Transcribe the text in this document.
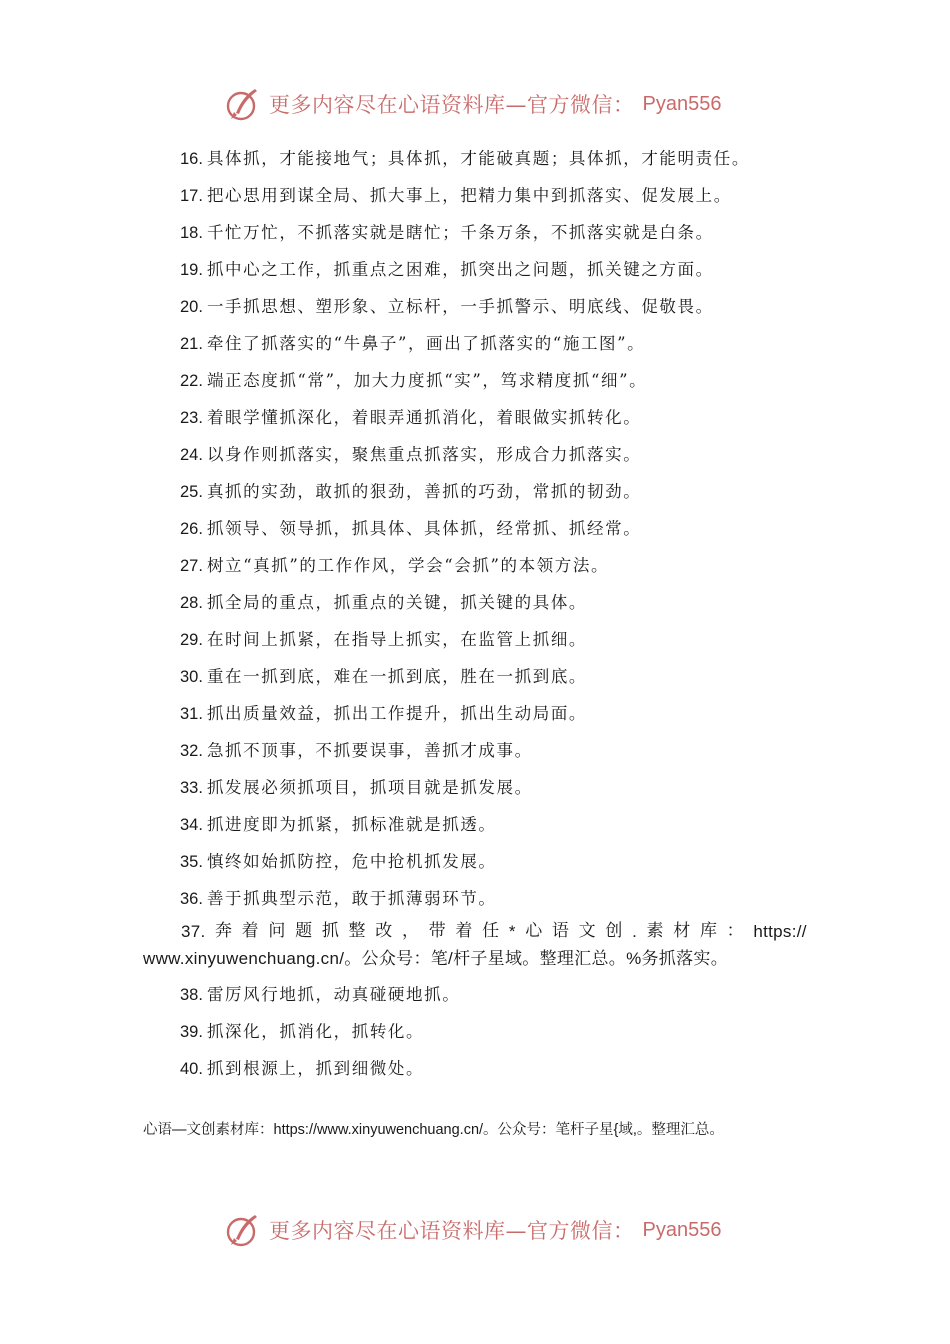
更多内容尽在心语资料库—官方微信： Pyan556
16. 具体抓，才能接地气；具体抓，才能破真题；具体抓，才能明责任。
17. 把心思用到谋全局、抓大事上，把精力集中到抓落实、促发展上。
18. 千忙万忙，不抓落实就是瞎忙；千条万条，不抓落实就是白条。
19. 抓中心之工作，抓重点之困难，抓突出之问题，抓关键之方面。
20. 一手抓思想、塑形象、立标杆，一手抓警示、明底线、促敬畏。
21. 牵住了抓落实的“牛鼻子”，画出了抓落实的“施工图”。
22. 端正态度抓“常”，加大力度抓“实”，笃求精度抓“细”。
23. 着眼学懂抓深化，着眼弄通抓消化，着眼做实抓转化。
24. 以身作则抓落实，聚焦重点抓落实，形成合力抓落实。
25. 真抓的实劲，敢抓的狠劲，善抓的巧劲，常抓的韧劲。
26. 抓领导、领导抓，抓具体、具体抓，经常抓、抓经常。
27. 树立“真抓”的工作作风，学会“会抓”的本领方法。
28. 抓全局的重点，抓重点的关键，抓关键的具体。
29. 在时间上抓紧，在指导上抓实，在监管上抓细。
30. 重在一抓到底，难在一抓到底，胜在一抓到底。
31. 抓出质量效益，抓出工作提升，抓出生动局面。
32. 急抓不顶事，不抓要误事，善抓才成事。
33. 抓发展必须抓项目，抓项目就是抓发展。
34. 抓进度即为抓紧，抓标准就是抓透。
35. 慎终如始抓防控，危中抢机抓发展。
36. 善于抓典型示范，敢于抓薄弱环节。
37. 奔 着 问 题 抓 整 改 ， 带 着 任 * 心 语 文 创 . 素 材 库 ： https://
www.xinyuwenchuang.cn/。公众号：笔/杆子星域。整理汇总。%务抓落实。
38. 雷厉风行地抓，动真碰硬地抓。
39. 抓深化，抓消化，抓转化。
40. 抓到根源上，抓到细微处。
心语—文创素材库：https://www.xinyuwenchuang.cn/。公众号：笔杆子星{域,。整理汇总。
更多内容尽在心语资料库—官方微信： Pyan556
